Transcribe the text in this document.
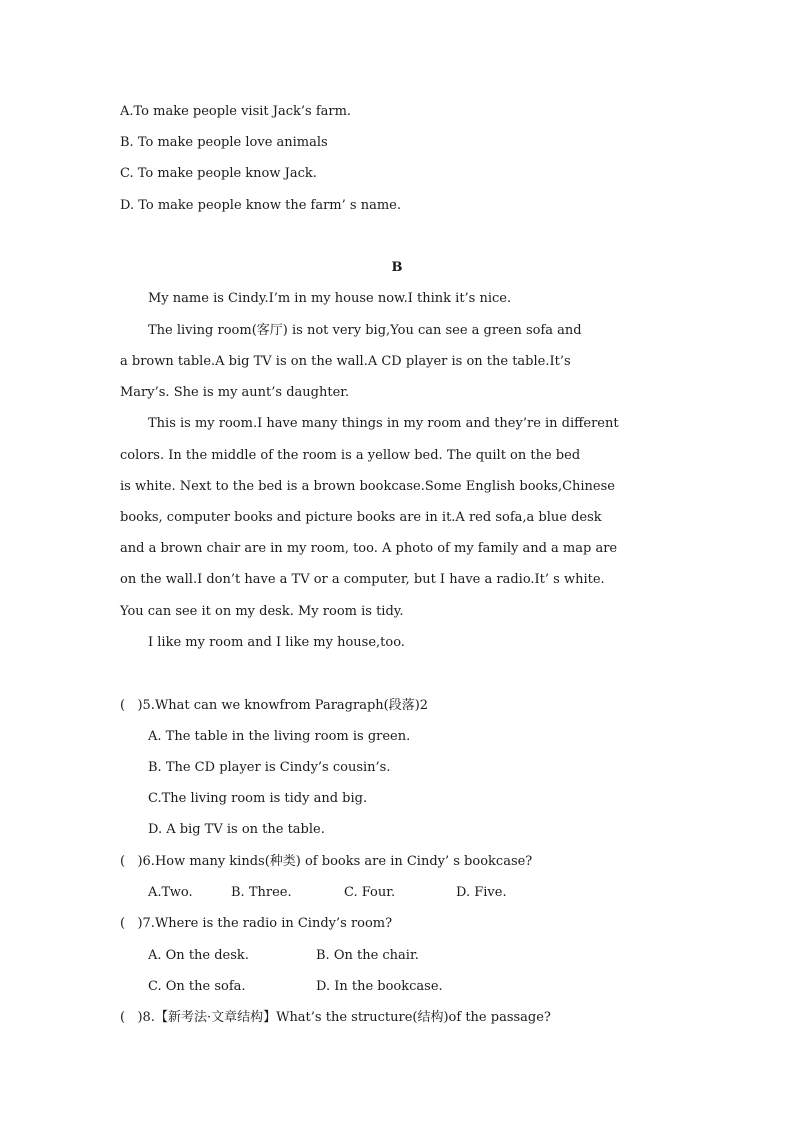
A.To make people visit Jack’s farm.
B. To make people love animals
C. To make people know Jack.
D. To make people know the farm’ s name.
B
My name is Cindy.I’m in my house now.I think it’s nice.
The living room(客厅) is not very big,You can see a green sofa and
a brown table.A big TV is on the wall.A CD player is on the table.It’s
Mary’s. She is my aunt’s daughter.
This is my room.I have many things in my room and they’re in different
colors. In the middle of the room is a yellow bed. The quilt on the bed
is white. Next to the bed is a brown bookcase.Some English books,Chinese
books, computer books and picture books are in it.A red sofa,a blue desk
and a brown chair are in my room, too. A photo of my family and a map are
on the wall.I don’t have a TV or a computer, but I have a radio.It’ s white.
You can see it on my desk. My room is tidy.
I like my room and I like my house,too.
(   )5.What can we knowfrom Paragraph(段落)2
A. The table in the living room is green.
B. The CD player is Cindy’s cousin’s.
C.The living room is tidy and big.
D. A big TV is on the table.
(   )6.How many kinds(种类) of books are in Cindy’ s bookcase?
A.Two.	B. Three.	C. Four.	D. Five.
(   )7.Where is the radio in Cindy’s room?
A. On the desk.	B. On the chair.
C. On the sofa.	D. In the bookcase.
(   )8.【新考法·文章结构】What’s the structure(结构)of the passage?
